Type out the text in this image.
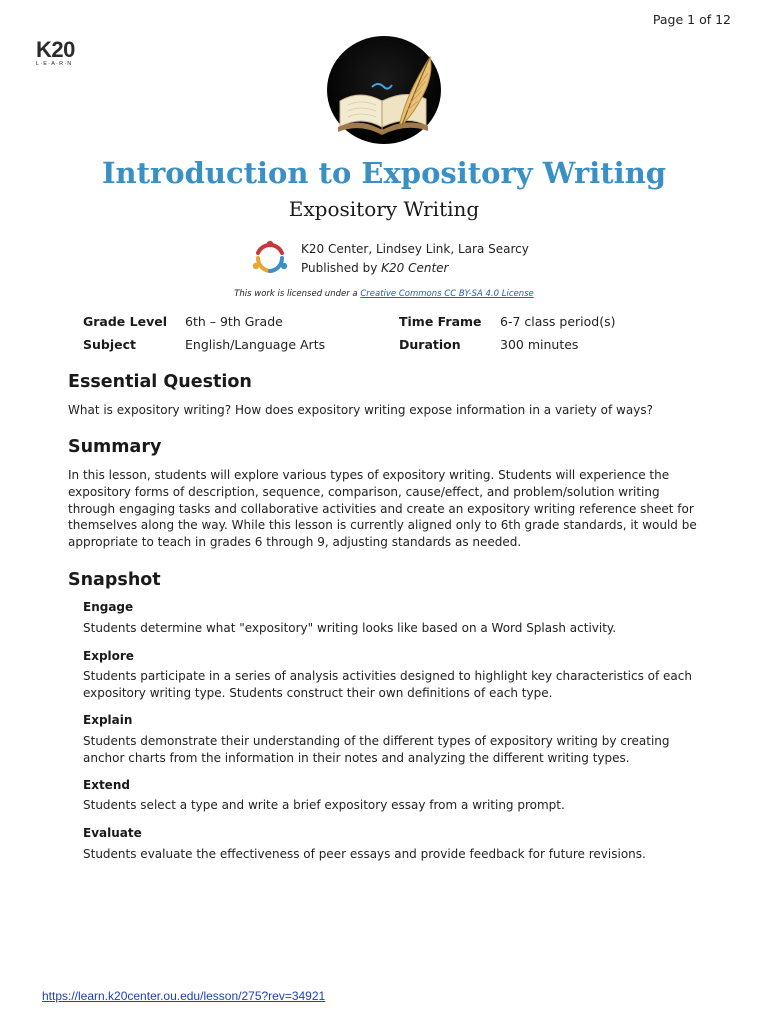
Page 1 of 12
K20
L·E·A·R·N
Introduction to Expository Writing
Expository Writing
K20 Center, Lindsey Link, Lara Searcy
Published by K20 Center
This work is licensed under a Creative Commons CC BY-SA 4.0 License
Grade Level 6th – 9th Grade	Time Frame 6-7 class period(s)
Subject	English/Language Arts	Duration	300 minutes
Essential Question
What is expository writing? How does expository writing expose information in a variety of ways?
Summary
In this lesson, students will explore various types of expository writing. Students will experience the expository forms of description, sequence, comparison, cause/effect, and problem/solution writing through engaging tasks and collaborative activities and create an expository writing reference sheet for themselves along the way. While this lesson is currently aligned only to 6th grade standards, it would be appropriate to teach in grades 6 through 9, adjusting standards as needed.
Snapshot
Engage
Students determine what "expository" writing looks like based on a Word Splash activity.
Explore
Students participate in a series of analysis activities designed to highlight key characteristics of each expository writing type. Students construct their own definitions of each type.
Explain
Students demonstrate their understanding of the different types of expository writing by creating anchor charts from the information in their notes and analyzing the different writing types.
Extend
Students select a type and write a brief expository essay from a writing prompt.
Evaluate
Students evaluate the effectiveness of peer essays and provide feedback for future revisions.
https://learn.k20center.ou.edu/lesson/275?rev=34921
